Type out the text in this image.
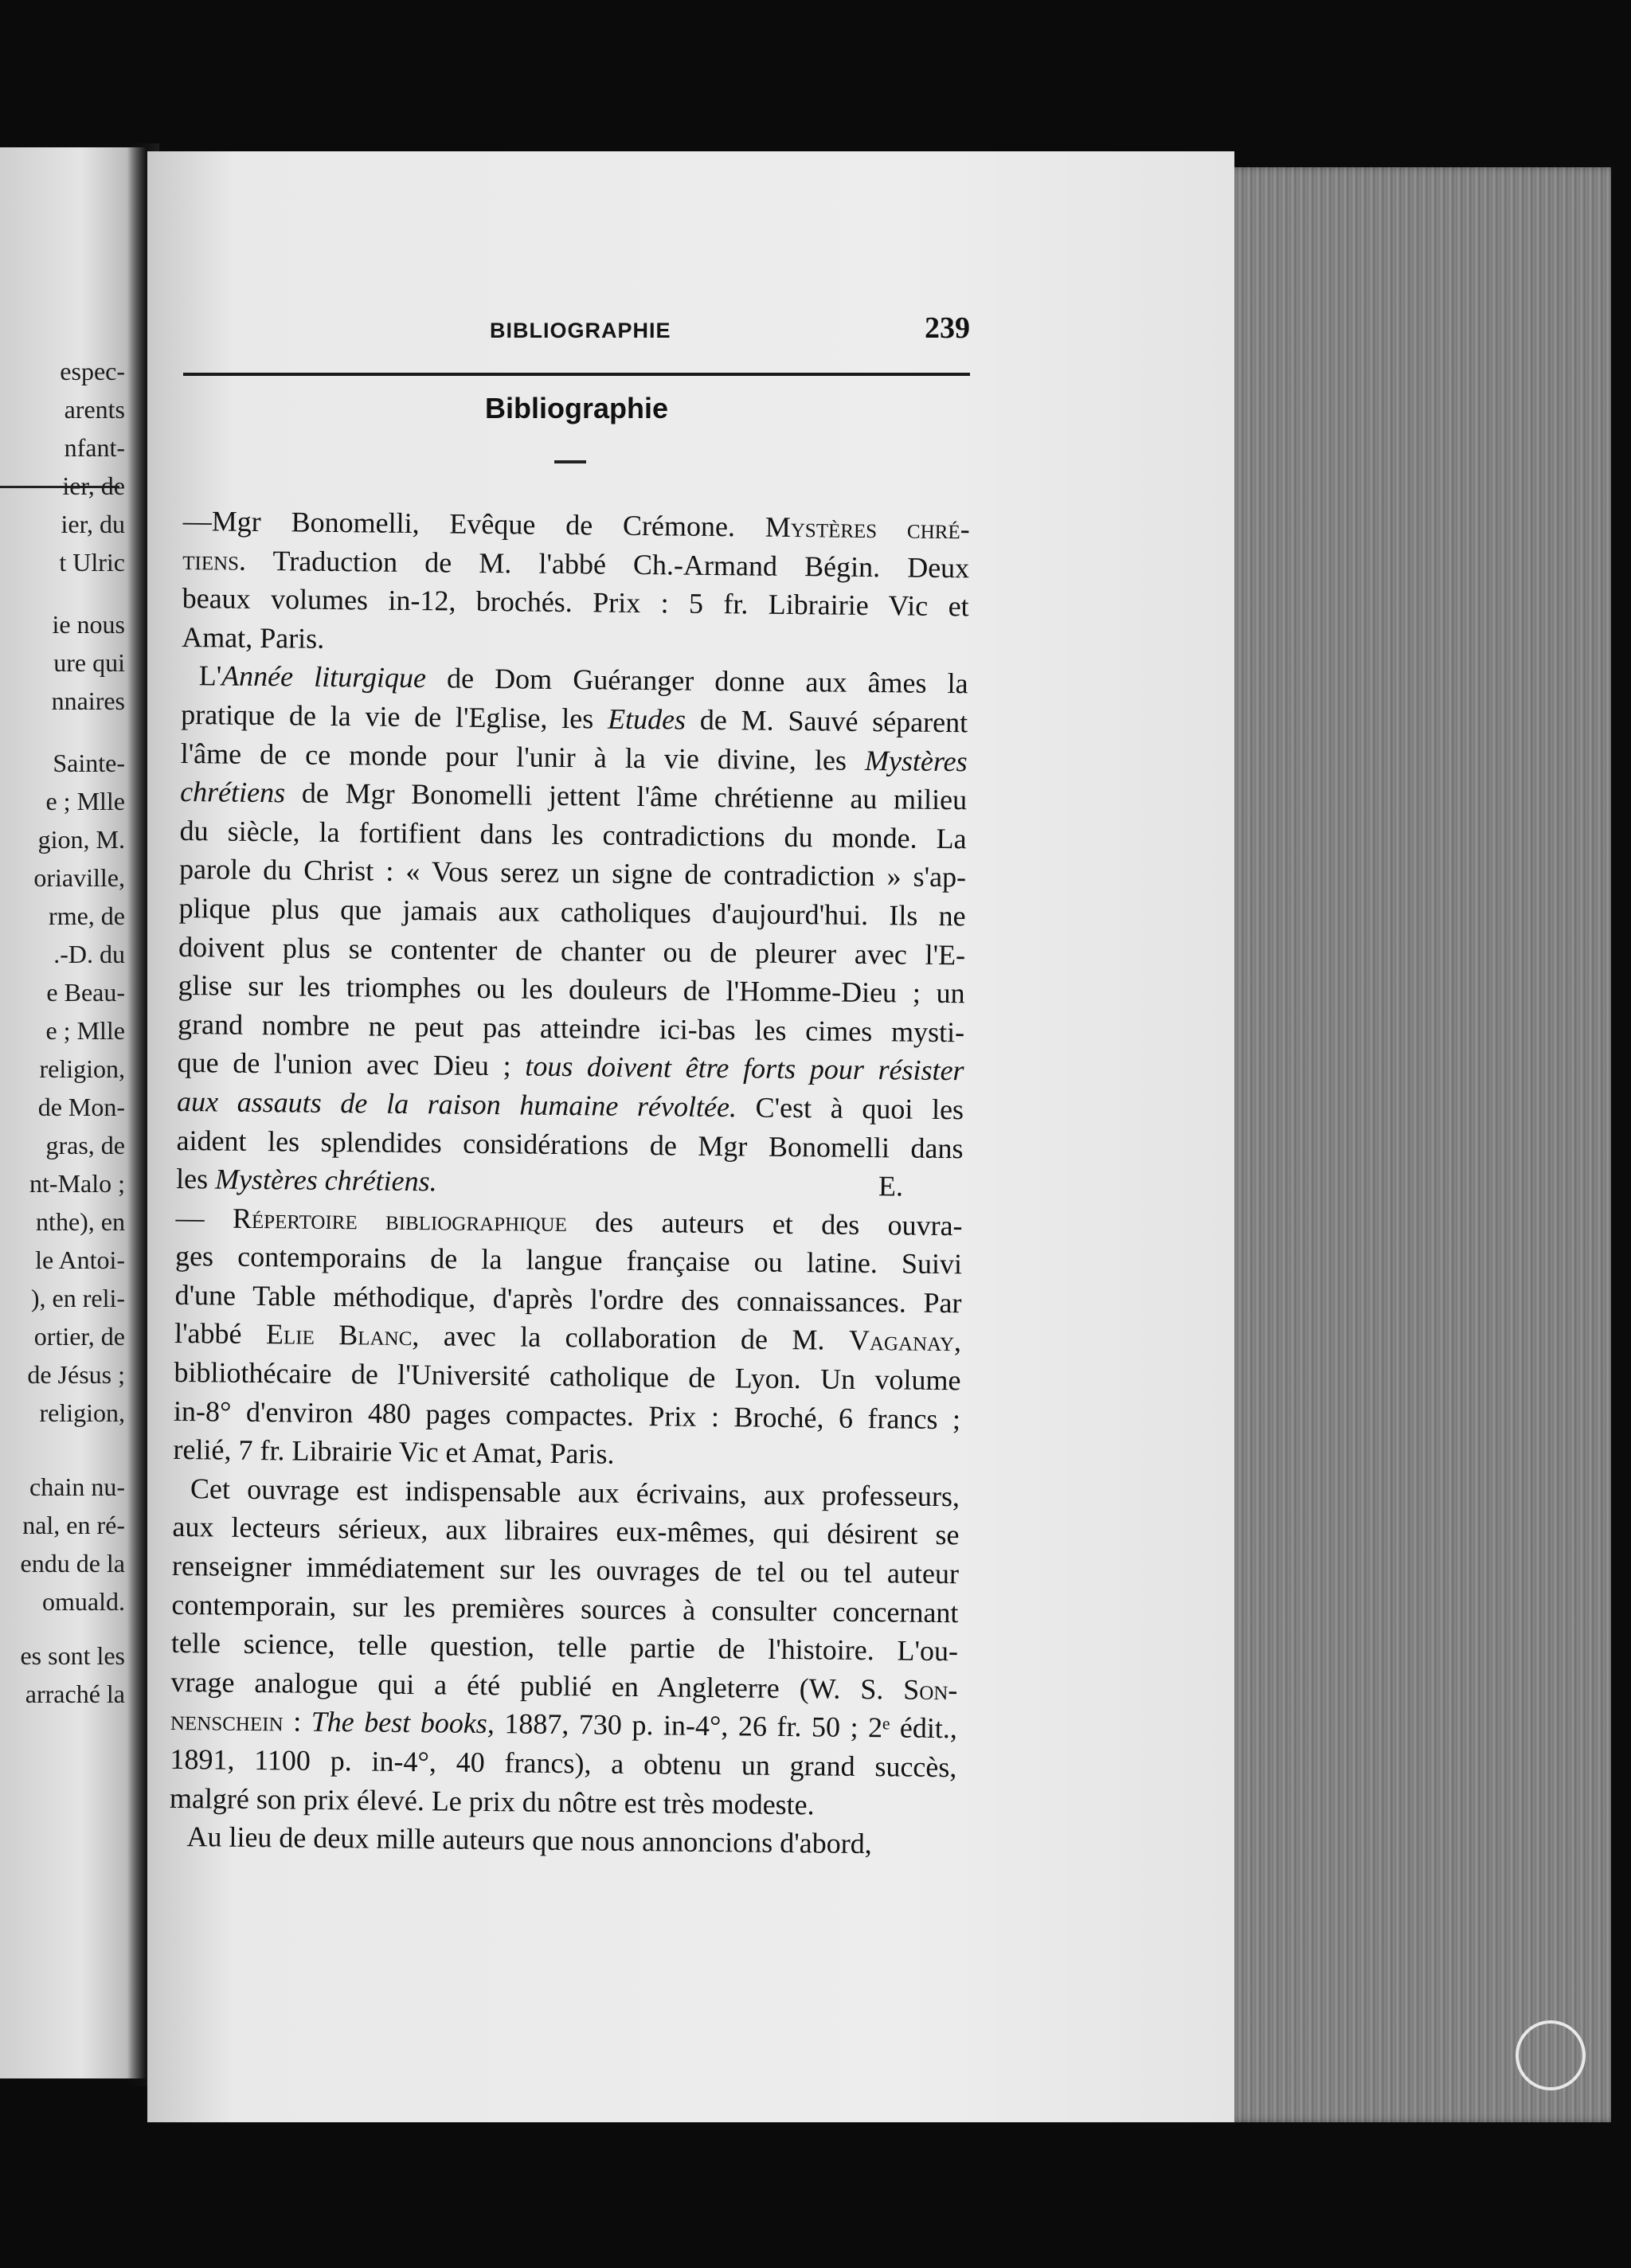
espec-

arents

nfant-

ier, de

ier, du

t Ulric

ie nous

ure qui

nnaires

Sainte-

e ; Mlle

gion, M.

oriaville,

rme, de

.-D. du

e Beau-

e ; Mlle

religion,

de Mon-

gras, de

nt-Malo ;

nthe), en

le Antoi-

), en reli-

ortier, de

de Jésus ;

religion,

chain nu-

nal, en ré-

endu de la

omuald.

es sont les

arraché la

BIBLIOGRAPHIE	239
Bibliographie
—Mgr Bonomelli, Evêque de Crémone. Mystères chré-
tiens. Traduction de M. l'abbé Ch.-Armand Bégin. Deux
beaux volumes in-12, brochés. Prix : 5 fr. Librairie Vic et
Amat, Paris.
L'Année liturgique de Dom Guéranger donne aux âmes la
pratique de la vie de l'Eglise, les Etudes de M. Sauvé séparent
l'âme de ce monde pour l'unir à la vie divine, les Mystères
chrétiens de Mgr Bonomelli jettent l'âme chrétienne au milieu
du siècle, la fortifient dans les contradictions du monde. La
parole du Christ : « Vous serez un signe de contradiction » s'ap-
plique plus que jamais aux catholiques d'aujourd'hui. Ils ne
doivent plus se contenter de chanter ou de pleurer avec l'E-
glise sur les triomphes ou les douleurs de l'Homme-Dieu ; un
grand nombre ne peut pas atteindre ici-bas les cimes mysti-
que de l'union avec Dieu ; tous doivent être forts pour résister
aux assauts de la raison humaine révoltée. C'est à quoi les
aident les splendides considérations de Mgr Bonomelli dans
les Mystères chrétiens.	E.
— Répertoire bibliographique des auteurs et des ouvra-
ges contemporains de la langue française ou latine. Suivi
d'une Table méthodique, d'après l'ordre des connaissances. Par
l'abbé Elie Blanc, avec la collaboration de M. Vaganay,
bibliothécaire de l'Université catholique de Lyon. Un volume
in-8° d'environ 480 pages compactes. Prix : Broché, 6 francs ;
relié, 7 fr. Librairie Vic et Amat, Paris.
Cet ouvrage est indispensable aux écrivains, aux professeurs,
aux lecteurs sérieux, aux libraires eux-mêmes, qui désirent se
renseigner immédiatement sur les ouvrages de tel ou tel auteur
contemporain, sur les premières sources à consulter concernant
telle science, telle question, telle partie de l'histoire. L'ou-
vrage analogue qui a été publié en Angleterre (W. S. Son-
nenschein : The best books, 1887, 730 p. in-4°, 26 fr. 50 ; 2ᵉ édit.,
1891, 1100 p. in-4°, 40 francs), a obtenu un grand succès,
malgré son prix élevé. Le prix du nôtre est très modeste.
Au lieu de deux mille auteurs que nous annoncions d'abord,
